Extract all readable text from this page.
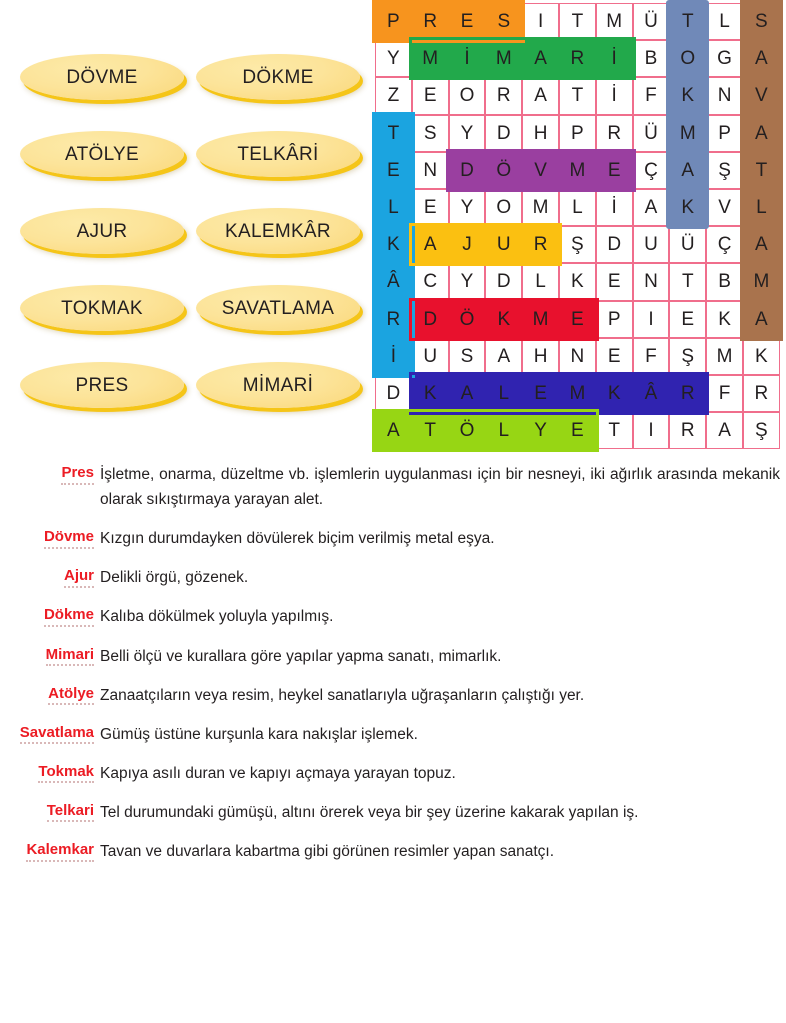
DÖVME	DÖKME
ATÖLYE	TELKÂRİ
AJUR	KALEMKÂR
TOKMAK	SAVATLAMA
PRES	MİMARİ
P R E S I T M Ü T L S
Y M İ M A R İ B O G A
Z E O R A T İ F K N V
T S Y D H P R Ü M P A
E N D Ö V M E Ç A Ş T
L E Y O M L İ A K V L
K A J U R Ş D U Ü Ç A
Â C Y D L K E N T B M
R D Ö K M E P I E K A
İ U S A H N E F Ş M K
D K A L E M K Â R F R
A T Ö L Y E T I R A Ş
Pres İşletme, onarma, düzeltme vb. işlemlerin uygulanması için bir nesneyi, iki ağırlık arasında mekanik olarak sıkıştırmaya yarayan alet.
Dövme Kızgın durumdayken dövülerek biçim verilmiş metal eşya.
Ajur Delikli örgü, gözenek.
Dökme Kalıba dökülmek yoluyla yapılmış.
Mimari Belli ölçü ve kurallara göre yapılar yapma sanatı, mimarlık.
Atölye Zanaatçıların veya resim, heykel sanatlarıyla uğraşanların çalıştığı yer.
Savatlama Gümüş üstüne kurşunla kara nakışlar işlemek.
Tokmak Kapıya asılı duran ve kapıyı açmaya yarayan topuz.
Telkari Tel durumundaki gümüşü, altını örerek veya bir şey üzerine kakarak yapılan iş.
Kalemkar Tavan ve duvarlara kabartma gibi görünen resimler yapan sanatçı.
